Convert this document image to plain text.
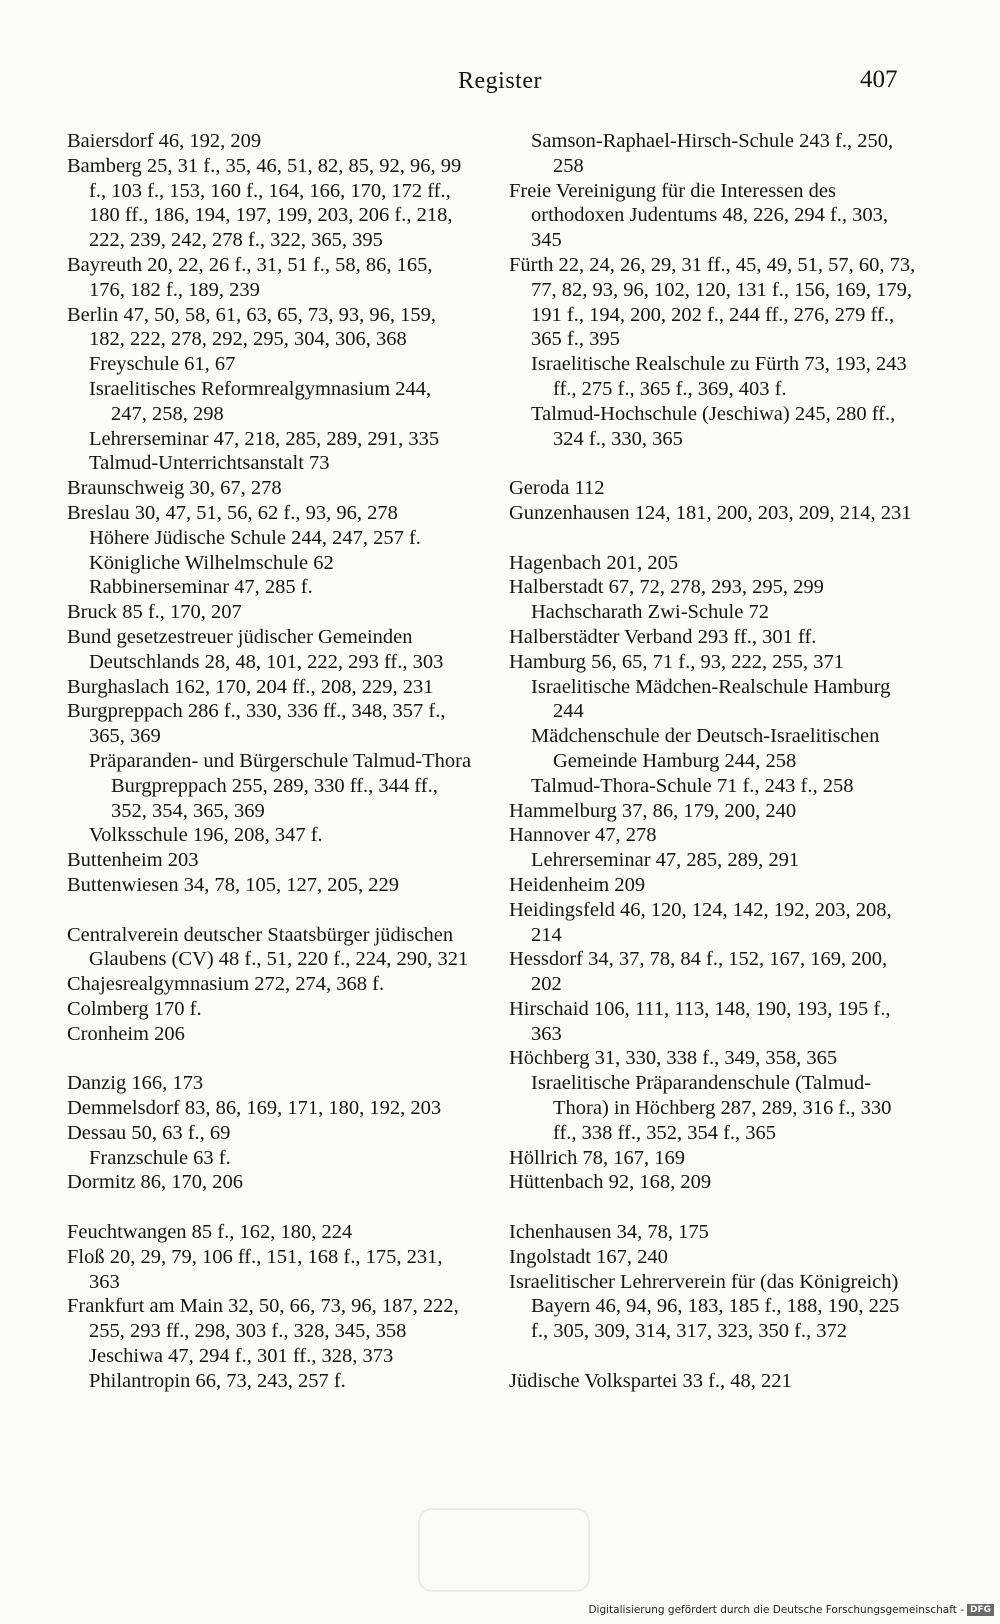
Register	407
Baiersdorf 46, 192, 209
Bamberg 25, 31 f., 35, 46, 51, 82, 85, 92, 96, 99 f., 103 f., 153, 160 f., 164, 166, 170, 172 ff., 180 ff., 186, 194, 197, 199, 203, 206 f., 218, 222, 239, 242, 278 f., 322, 365, 395
Bayreuth 20, 22, 26 f., 31, 51 f., 58, 86, 165, 176, 182 f., 189, 239
Berlin 47, 50, 58, 61, 63, 65, 73, 93, 96, 159, 182, 222, 278, 292, 295, 304, 306, 368
Freyschule 61, 67
Israelitisches Reformrealgymnasium 244, 247, 258, 298
Lehrerseminar 47, 218, 285, 289, 291, 335
Talmud-Unterrichtsanstalt 73
Braunschweig 30, 67, 278
Breslau 30, 47, 51, 56, 62 f., 93, 96, 278
Höhere Jüdische Schule 244, 247, 257 f.
Königliche Wilhelmschule 62
Rabbinerseminar 47, 285 f.
Bruck 85 f., 170, 207
Bund gesetzestreuer jüdischer Gemeinden Deutschlands 28, 48, 101, 222, 293 ff., 303
Burghaslach 162, 170, 204 ff., 208, 229, 231
Burgpreppach 286 f., 330, 336 ff., 348, 357 f., 365, 369
Präparanden- und Bürgerschule Talmud-Thora Burgpreppach 255, 289, 330 ff., 344 ff., 352, 354, 365, 369
Volksschule 196, 208, 347 f.
Buttenheim 203
Buttenwiesen 34, 78, 105, 127, 205, 229
Centralverein deutscher Staatsbürger jüdischen Glaubens (CV) 48 f., 51, 220 f., 224, 290, 321
Chajesrealgymnasium 272, 274, 368 f.
Colmberg 170 f.
Cronheim 206
Danzig 166, 173
Demmelsdorf 83, 86, 169, 171, 180, 192, 203
Dessau 50, 63 f., 69
Franzschule 63 f.
Dormitz 86, 170, 206
Feuchtwangen 85 f., 162, 180, 224
Floß 20, 29, 79, 106 ff., 151, 168 f., 175, 231, 363
Frankfurt am Main 32, 50, 66, 73, 96, 187, 222, 255, 293 ff., 298, 303 f., 328, 345, 358
Jeschiwa 47, 294 f., 301 ff., 328, 373
Philantropin 66, 73, 243, 257 f.
Samson-Raphael-Hirsch-Schule 243 f., 250, 258
Freie Vereinigung für die Interessen des orthodoxen Judentums 48, 226, 294 f., 303, 345
Fürth 22, 24, 26, 29, 31 ff., 45, 49, 51, 57, 60, 73, 77, 82, 93, 96, 102, 120, 131 f., 156, 169, 179, 191 f., 194, 200, 202 f., 244 ff., 276, 279 ff., 365 f., 395
Israelitische Realschule zu Fürth 73, 193, 243 ff., 275 f., 365 f., 369, 403 f.
Talmud-Hochschule (Jeschiwa) 245, 280 ff., 324 f., 330, 365
Geroda 112
Gunzenhausen 124, 181, 200, 203, 209, 214, 231
Hagenbach 201, 205
Halberstadt 67, 72, 278, 293, 295, 299
Hachscharath Zwi-Schule 72
Halberstädter Verband 293 ff., 301 ff.
Hamburg 56, 65, 71 f., 93, 222, 255, 371
Israelitische Mädchen-Realschule Hamburg 244
Mädchenschule der Deutsch-Israelitischen Gemeinde Hamburg 244, 258
Talmud-Thora-Schule 71 f., 243 f., 258
Hammelburg 37, 86, 179, 200, 240
Hannover 47, 278
Lehrerseminar 47, 285, 289, 291
Heidenheim 209
Heidingsfeld 46, 120, 124, 142, 192, 203, 208, 214
Hessdorf 34, 37, 78, 84 f., 152, 167, 169, 200, 202
Hirschaid 106, 111, 113, 148, 190, 193, 195 f., 363
Höchberg 31, 330, 338 f., 349, 358, 365
Israelitische Präparandenschule (Talmud-Thora) in Höchberg 287, 289, 316 f., 330 ff., 338 ff., 352, 354 f., 365
Höllrich 78, 167, 169
Hüttenbach 92, 168, 209
Ichenhausen 34, 78, 175
Ingolstadt 167, 240
Israelitischer Lehrerverein für (das Königreich) Bayern 46, 94, 96, 183, 185 f., 188, 190, 225 f., 305, 309, 314, 317, 323, 350 f., 372
Jüdische Volkspartei 33 f., 48, 221
Digitalisierung gefördert durch die Deutsche Forschungsgemeinschaft - DFG
